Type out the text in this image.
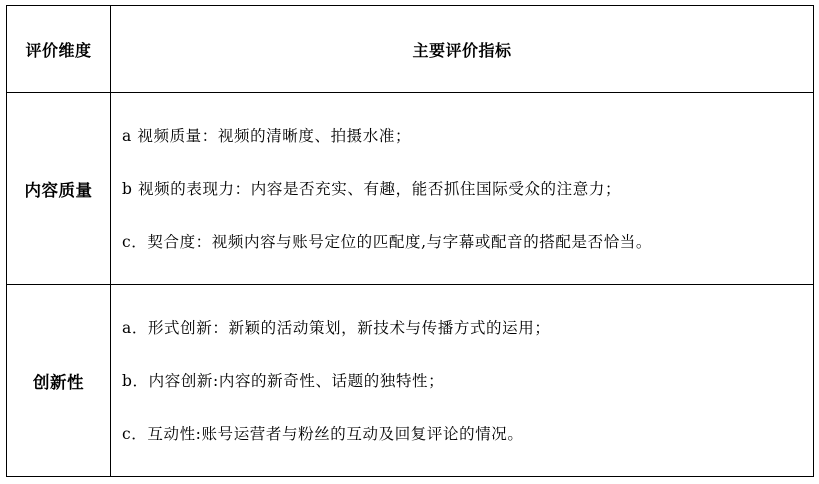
评价维度	主要评价指标
内容质量	a 视频质量：视频的清晰度、拍摄水准；

b 视频的表现力：内容是否充实、有趣，能否抓住国际受众的注意力；

c．契合度：视频内容与账号定位的匹配度,与字幕或配音的搭配是否恰当。

创新性	a．形式创新：新颖的活动策划，新技术与传播方式的运用；

b．内容创新:内容的新奇性、话题的独特性；

c．互动性:账号运营者与粉丝的互动及回复评论的情况。
